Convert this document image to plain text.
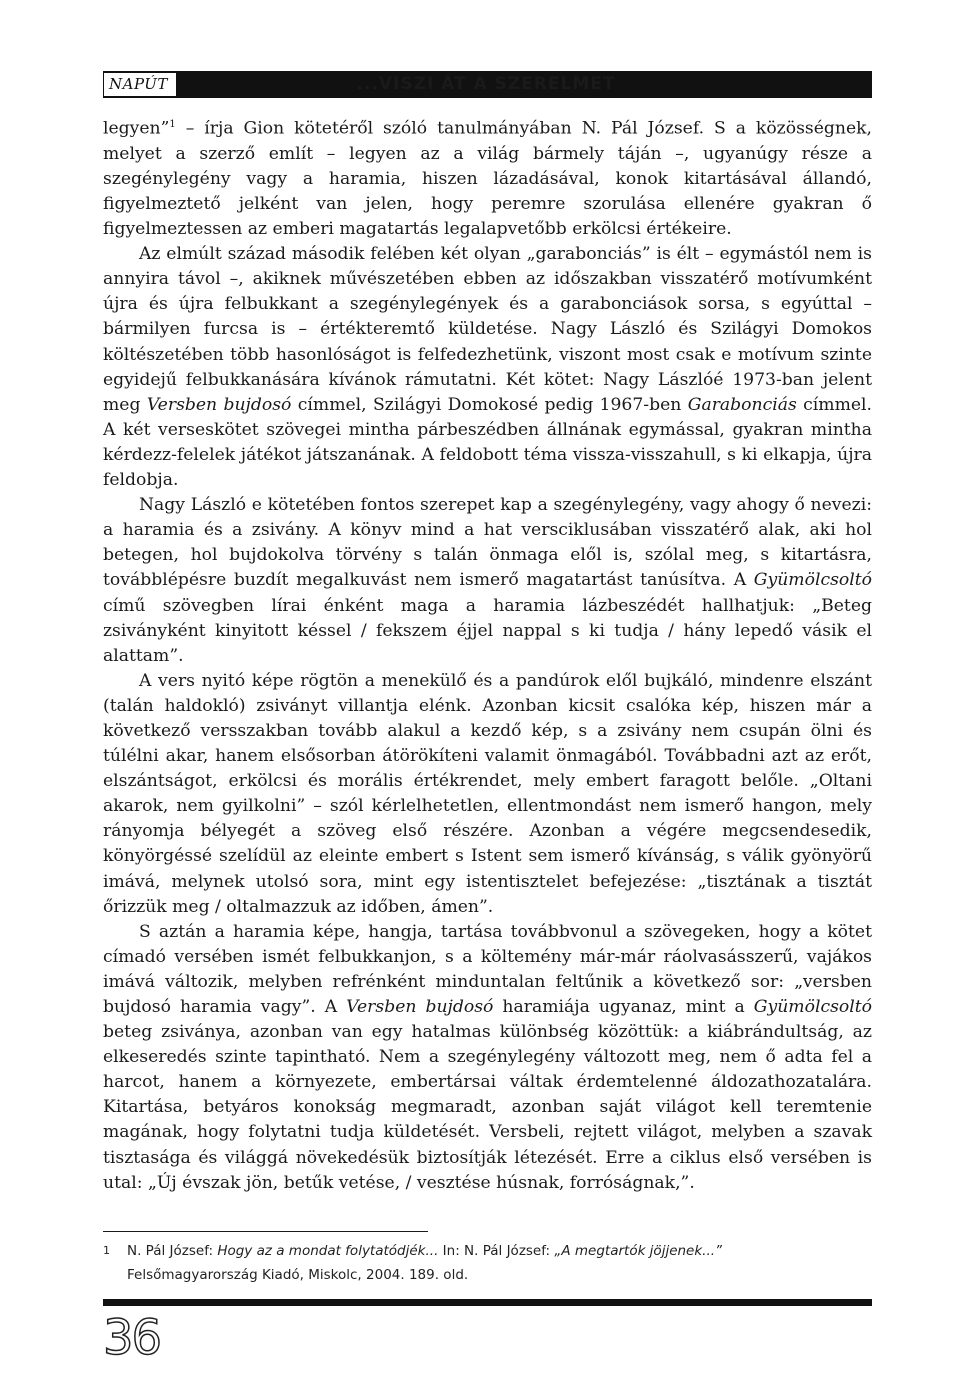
NAPÚT	...VISZI ÁT A SZERELMET

legyen”$^1$ – írja Gion kötetéről szóló tanulmányában N. Pál József. S a közösségnek, melyet a szerző említ – legyen az a világ bármely táján –, ugyanúgy része a szegénylegény vagy a haramia, hiszen lázadásával, konok kitartásával állandó, figyelmeztető jelként van jelen, hogy peremre szorulása ellenére gyakran ő figyelmeztessen az emberi magatartás legalapvetőbb erkölcsi értékeire.

Az elmúlt század második felében két olyan „garabonciás” is élt – egymástól nem is annyira távol –, akiknek művészetében ebben az időszakban visszatérő motívumként újra és újra felbukkant a szegénylegények és a garabonciások sorsa, s egyúttal – bármilyen furcsa is – értékteremtő küldetése. Nagy László és Szilágyi Domokos költészetében több hasonlóságot is felfedezhetünk, viszont most csak e motívum szinte egyidejű felbukkanására kívánok rámutatni. Két kötet: Nagy Lászlóé 1973-ban jelent meg Versben bujdosó címmel, Szilágyi Domokosé pedig 1967-ben Garabonciás címmel. A két verseskötet szövegei mintha párbeszédben állnának egymással, gyakran mintha kérdezz-felelek játékot játszanának. A feldobott téma vissza-visszahull, s ki elkapja, újra feldobja.

Nagy László e kötetében fontos szerepet kap a szegénylegény, vagy ahogy ő nevezi: a haramia és a zsivány. A könyv mind a hat versciklusában visszatérő alak, aki hol betegen, hol bujdokolva törvény s talán önmaga elől is, szólal meg, s kitartásra, továbblépésre buzdít megalkuvást nem ismerő magatartást tanúsítva. A Gyümölcsoltó című szövegben lírai énként maga a haramia lázbeszédét hallhatjuk: „Beteg zsiványként kinyitott késsel / fekszem éjjel nappal s ki tudja / hány lepedő vásik el alattam”.

A vers nyitó képe rögtön a menekülő és a pandúrok elől bujkáló, mindenre elszánt (talán haldokló) zsiványt villantja elénk. Azonban kicsit csalóka kép, hiszen már a következő versszakban tovább alakul a kezdő kép, s a zsivány nem csupán ölni és túlélni akar, hanem elsősorban átörökíteni valamit önmagából. Továbbadni azt az erőt, elszántságot, erkölcsi és morális értékrendet, mely embert faragott belőle. „Oltani akarok, nem gyilkolni” – szól kérlelhetetlen, ellentmondást nem ismerő hangon, mely rányomja bélyegét a szöveg első részére. Azonban a végére megcsendesedik, könyörgéssé szelídül az eleinte embert s Istent sem ismerő kívánság, s válik gyönyörű imává, melynek utolsó sora, mint egy istentisztelet befejezése: „tisztának a tisztát őrizzük meg / oltalmazzuk az időben, ámen”.

S aztán a haramia képe, hangja, tartása továbbvonul a szövegeken, hogy a kötet címadó versében ismét felbukkanjon, s a költemény már-már ráolvasásszerű, vajákos imává változik, melyben refrénként minduntalan feltűnik a következő sor: „versben bujdosó haramia vagy”. A Versben bujdosó haramiája ugyanaz, mint a Gyümölcsoltó beteg zsiványa, azonban van egy hatalmas különbség közöttük: a kiábrándultság, az elkeseredés szinte tapintható. Nem a szegénylegény változott meg, nem ő adta fel a harcot, hanem a környezete, embertársai váltak érdemtelenné áldozathozatalára. Kitartása, betyáros konokság megmaradt, azonban saját világot kell teremtenie magának, hogy folytatni tudja küldetését. Versbeli, rejtett világot, melyben a szavak tisztasága és világgá növekedésük biztosítják létezését. Erre a ciklus első versében is utal: „Új évszak jön, betűk vetése, / vesztése húsnak, forróságnak,”.

1 N. Pál József: Hogy az a mondat folytatódjék... In: N. Pál József: „A megtartók jöjjenek...”
Felsőmagyarország Kiadó, Miskolc, 2004. 189. old.
36
